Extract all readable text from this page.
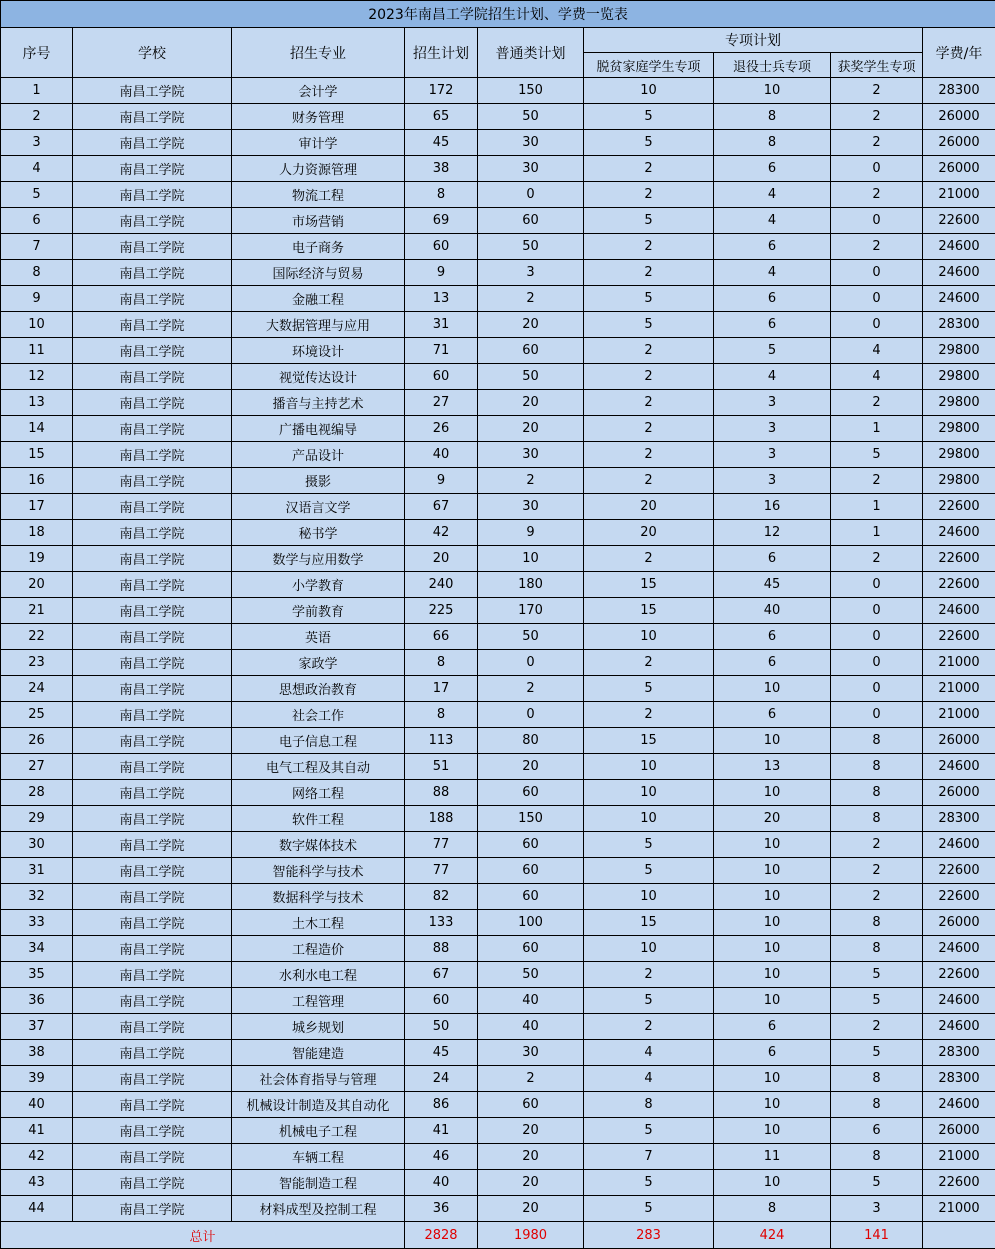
2023年南昌工学院招生计划、学费一览表								
序号	学校	招生专业	招生计划	普通类计划	专项计划			学费/年
					脱贫家庭学生专项	退役士兵专项	获奖学生专项	
1	南昌工学院	会计学	172	150	10	10	2	28300
2	南昌工学院	财务管理	65	50	5	8	2	26000
3	南昌工学院	审计学	45	30	5	8	2	26000
4	南昌工学院	人力资源管理	38	30	2	6	0	26000
5	南昌工学院	物流工程	8	0	2	4	2	21000
6	南昌工学院	市场营销	69	60	5	4	0	22600
7	南昌工学院	电子商务	60	50	2	6	2	24600
8	南昌工学院	国际经济与贸易	9	3	2	4	0	24600
9	南昌工学院	金融工程	13	2	5	6	0	24600
10	南昌工学院	大数据管理与应用	31	20	5	6	0	28300
11	南昌工学院	环境设计	71	60	2	5	4	29800
12	南昌工学院	视觉传达设计	60	50	2	4	4	29800
13	南昌工学院	播音与主持艺术	27	20	2	3	2	29800
14	南昌工学院	广播电视编导	26	20	2	3	1	29800
15	南昌工学院	产品设计	40	30	2	3	5	29800
16	南昌工学院	摄影	9	2	2	3	2	29800
17	南昌工学院	汉语言文学	67	30	20	16	1	22600
18	南昌工学院	秘书学	42	9	20	12	1	24600
19	南昌工学院	数学与应用数学	20	10	2	6	2	22600
20	南昌工学院	小学教育	240	180	15	45	0	22600
21	南昌工学院	学前教育	225	170	15	40	0	24600
22	南昌工学院	英语	66	50	10	6	0	22600
23	南昌工学院	家政学	8	0	2	6	0	21000
24	南昌工学院	思想政治教育	17	2	5	10	0	21000
25	南昌工学院	社会工作	8	0	2	6	0	21000
26	南昌工学院	电子信息工程	113	80	15	10	8	26000
27	南昌工学院	电气工程及其自动	51	20	10	13	8	24600
28	南昌工学院	网络工程	88	60	10	10	8	26000
29	南昌工学院	软件工程	188	150	10	20	8	28300
30	南昌工学院	数字媒体技术	77	60	5	10	2	24600
31	南昌工学院	智能科学与技术	77	60	5	10	2	22600
32	南昌工学院	数据科学与技术	82	60	10	10	2	22600
33	南昌工学院	土木工程	133	100	15	10	8	26000
34	南昌工学院	工程造价	88	60	10	10	8	24600
35	南昌工学院	水利水电工程	67	50	2	10	5	22600
36	南昌工学院	工程管理	60	40	5	10	5	24600
37	南昌工学院	城乡规划	50	40	2	6	2	24600
38	南昌工学院	智能建造	45	30	4	6	5	28300
39	南昌工学院	社会体育指导与管理	24	2	4	10	8	28300
40	南昌工学院	机械设计制造及其自动化	86	60	8	10	8	24600
41	南昌工学院	机械电子工程	41	20	5	10	6	26000
42	南昌工学院	车辆工程	46	20	7	11	8	21000
43	南昌工学院	智能制造工程	40	20	5	10	5	22600
44	南昌工学院	材料成型及控制工程	36	20	5	8	3	21000
总计			2828	1980	283	424	141	
